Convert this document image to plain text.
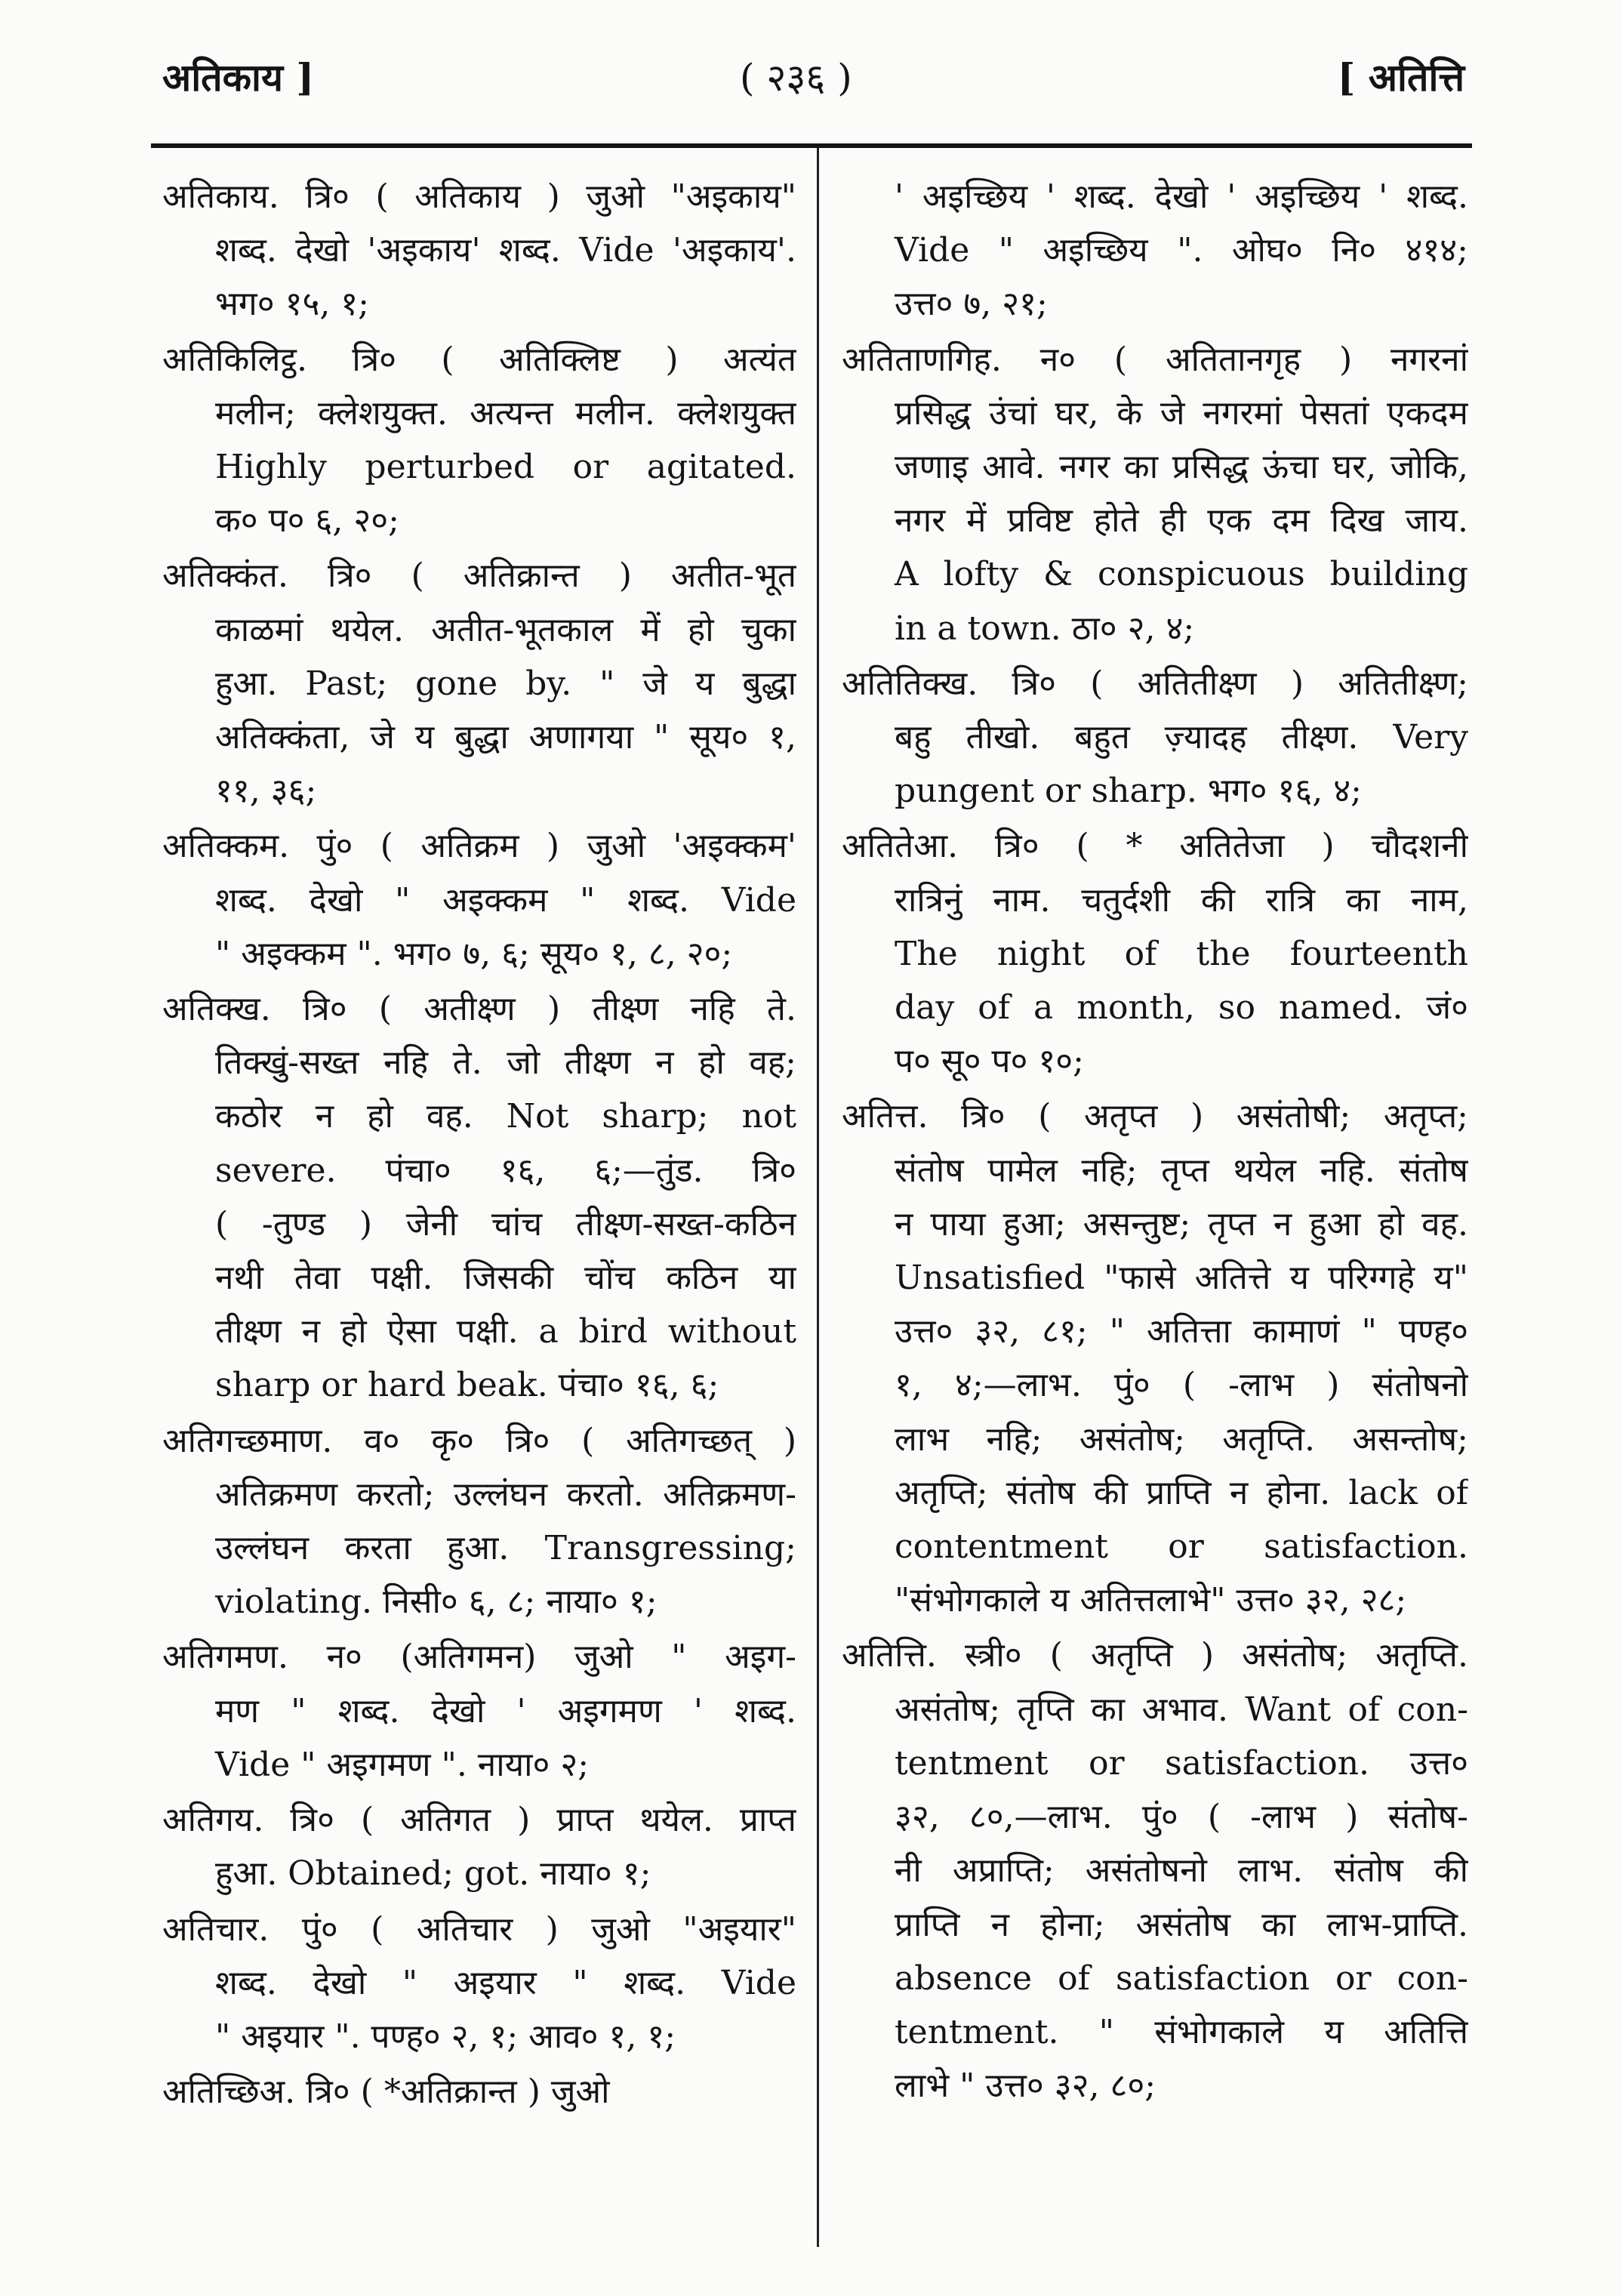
अतिकाय ]	( २३६ )	[ अतित्ति
अतिकाय. त्रि० ( अतिकाय ) जुओ "अइकाय"
शब्द. देखो 'अइकाय' शब्द. Vide 'अइकाय'.
भग० १५, १;
अतिकिलिट्ठ. त्रि० ( अतिक्लिष्ट ) अत्यंत
मलीन; क्लेशयुक्त. अत्यन्त मलीन. क्लेशयुक्त
Highly perturbed or agitated.
क० प० ६, २०;
अतिक्कंत. त्रि० ( अतिक्रान्त ) अतीत-भूत
काळमां थयेल. अतीत-भूतकाल में हो चुका
हुआ. Past; gone by. " जे य बुद्धा
अतिक्कंता, जे य बुद्धा अणागया " सूय० १,
११, ३६;
अतिक्कम. पुं० ( अतिक्रम ) जुओ 'अइक्कम'
शब्द. देखो " अइक्कम " शब्द. Vide
" अइक्कम ". भग० ७, ६; सूय० १, ८, २०;
अतिक्ख. त्रि० ( अतीक्ष्ण ) तीक्ष्ण नहि ते.
तिक्खुं-सख्त नहि ते. जो तीक्ष्ण न हो वह;
कठोर न हो वह. Not sharp; not
severe. पंचा० १६, ६;—तुंड. त्रि०
( -तुण्ड ) जेनी चांच तीक्ष्ण-सख्त-कठिन
नथी तेवा पक्षी. जिसकी चोंच कठिन या
तीक्ष्ण न हो ऐसा पक्षी. a bird without
sharp or hard beak. पंचा० १६, ६;
अतिगच्छमाण. व० कृ० त्रि० ( अतिगच्छत् )
अतिक्रमण करतो; उल्लंघन करतो. अतिक्रमण-
उल्लंघन करता हुआ. Transgressing;
violating. निसी० ६, ८; नाया० १;
अतिगमण. न० (अतिगमन) जुओ " अइग-
मण " शब्द. देखो ' अइगमण ' शब्द.
Vide " अइगमण ". नाया० २;
अतिगय. त्रि० ( अतिगत ) प्राप्त थयेल. प्राप्त
हुआ. Obtained; got. नाया० १;
अतिचार. पुं० ( अतिचार ) जुओ "अइयार"
शब्द. देखो " अइयार " शब्द. Vide
" अइयार ". पण्ह० २, १; आव० १, १;
अतिच्छिअ. त्रि० ( *अतिक्रान्त ) जुओ
' अइच्छिय ' शब्द. देखो ' अइच्छिय ' शब्द.
Vide " अइच्छिय ". ओघ० नि० ४१४;
उत्त० ७, २१;
अतिताणगिह. न० ( अतितानगृह ) नगरनां
प्रसिद्ध उंचां घर, के जे नगरमां पेसतां एकदम
जणाइ आवे. नगर का प्रसिद्ध ऊंचा घर, जोकि,
नगर में प्रविष्ट होते ही एक दम दिख जाय.
A lofty & conspicuous building
in a town. ठा० २, ४;
अतितिक्ख. त्रि० ( अतितीक्ष्ण ) अतितीक्ष्ण;
बहु तीखो. बहुत ज़्यादह तीक्ष्ण. Very
pungent or sharp. भग० १६, ४;
अतितेआ. त्रि० ( * अतितेजा ) चौदशनी
रात्रिनुं नाम. चतुर्दशी की रात्रि का नाम,
The night of the fourteenth
day of a month, so named. जं०
प० सू० प० १०;
अतित्त. त्रि० ( अतृप्त ) असंतोषी; अतृप्त;
संतोष पामेल नहि; तृप्त थयेल नहि. संतोष
न पाया हुआ; असन्तुष्ट; तृप्त न हुआ हो वह.
Unsatisfied "फासे अतित्ते य परिग्गहे य"
उत्त० ३२, ८१; " अतित्ता कामाणं " पण्ह०
१, ४;—लाभ. पुं० ( -लाभ ) संतोषनो
लाभ नहि; असंतोष; अतृप्ति. असन्तोष;
अतृप्ति; संतोष की प्राप्ति न होना. lack of
contentment or satisfaction.
"संभोगकाले य अतित्तलाभे" उत्त० ३२, २८;
अतित्ति. स्त्री० ( अतृप्ति ) असंतोष; अतृप्ति.
असंतोष; तृप्ति का अभाव. Want of con-
tentment or satisfaction. उत्त०
३२, ८०,—लाभ. पुं० ( -लाभ ) संतोष-
नी अप्राप्ति; असंतोषनो लाभ. संतोष की
प्राप्ति न होना; असंतोष का लाभ-प्राप्ति.
absence of satisfaction or con-
tentment. " संभोगकाले य अतित्ति
लाभे " उत्त० ३२, ८०;
